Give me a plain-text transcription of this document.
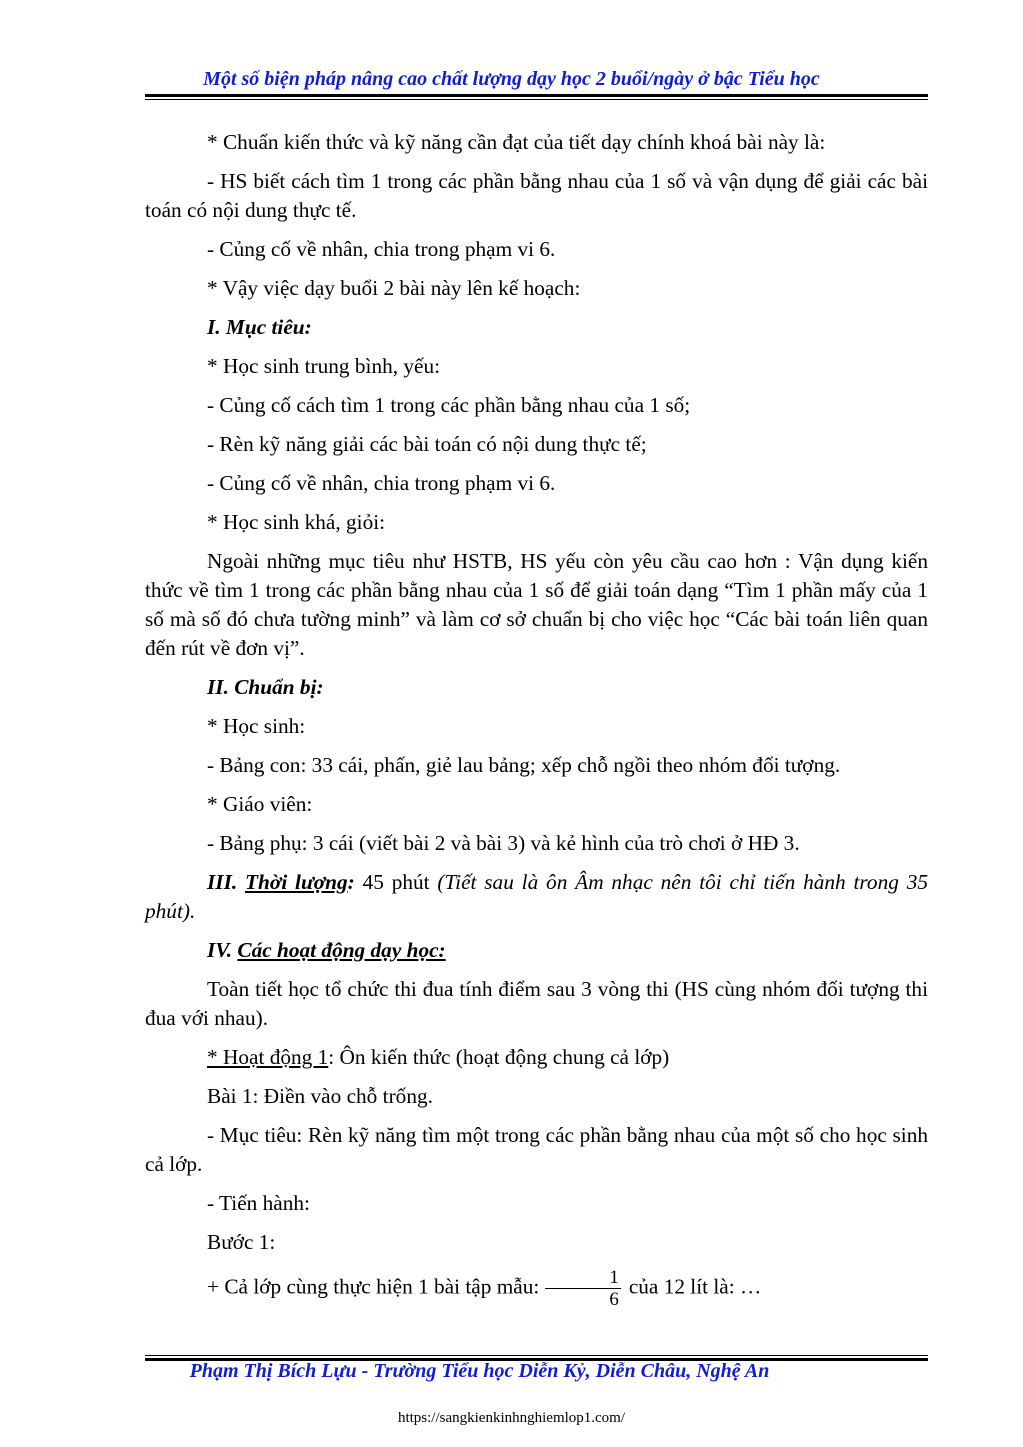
Một số biện pháp nâng cao chất lượng dạy học 2 buổi/ngày ở bậc Tiểu học

* Chuẩn kiến thức và kỹ năng cần đạt của tiết dạy chính khoá bài này là:

- HS biết cách tìm 1 trong các phần bằng nhau của 1 số và vận dụng để giải các bài toán có nội dung thực tế.

- Củng cố về nhân, chia trong phạm vi 6.

* Vậy việc dạy buổi 2 bài này lên kế hoạch:

I. Mục tiêu:

* Học sinh trung bình, yếu:

- Củng cố cách tìm 1 trong các phần bằng nhau của 1 số;

- Rèn kỹ năng giải các bài toán có nội dung thực tế;

- Củng cố về nhân, chia trong phạm vi 6.

* Học sinh khá, giỏi:

Ngoài những mục tiêu như HSTB, HS yếu còn yêu cầu cao hơn : Vận dụng kiến thức về tìm 1 trong các phần bằng nhau của 1 số để giải toán dạng “Tìm 1 phần mấy của 1 số mà số đó chưa tường minh” và làm cơ sở chuẩn bị cho việc học “Các bài toán liên quan đến rút về đơn vị”.

II. Chuẩn bị:

* Học sinh:

- Bảng con: 33 cái, phấn, giẻ lau bảng; xếp chỗ ngồi theo nhóm đối tượng.

* Giáo viên:

- Bảng phụ: 3 cái (viết bài 2 và bài 3) và kẻ hình của trò chơi ở HĐ 3.

III. Thời lượng: 45 phút (Tiết sau là ôn Âm nhạc nên tôi chỉ tiến hành trong 35 phút).

IV. Các hoạt động dạy học:

Toàn tiết học tổ chức thi đua tính điểm sau 3 vòng thi (HS cùng nhóm đối tượng thi đua với nhau).

* Hoạt động 1: Ôn kiến thức (hoạt động chung cả lớp)

Bài 1: Điền vào chỗ trống.

- Mục tiêu: Rèn kỹ năng tìm một trong các phần bằng nhau của một số cho học sinh cả lớp.

- Tiến hành:

Bước 1:

+ Cả lớp cùng thực hiện 1 bài tập mẫu: $\frac{1}{6}$ của 12 lít là: …

Phạm Thị Bích Lựu - Trường Tiểu học Diễn Kỷ, Diễn Châu, Nghệ An
https://sangkienkinhnghiemlop1.com/
